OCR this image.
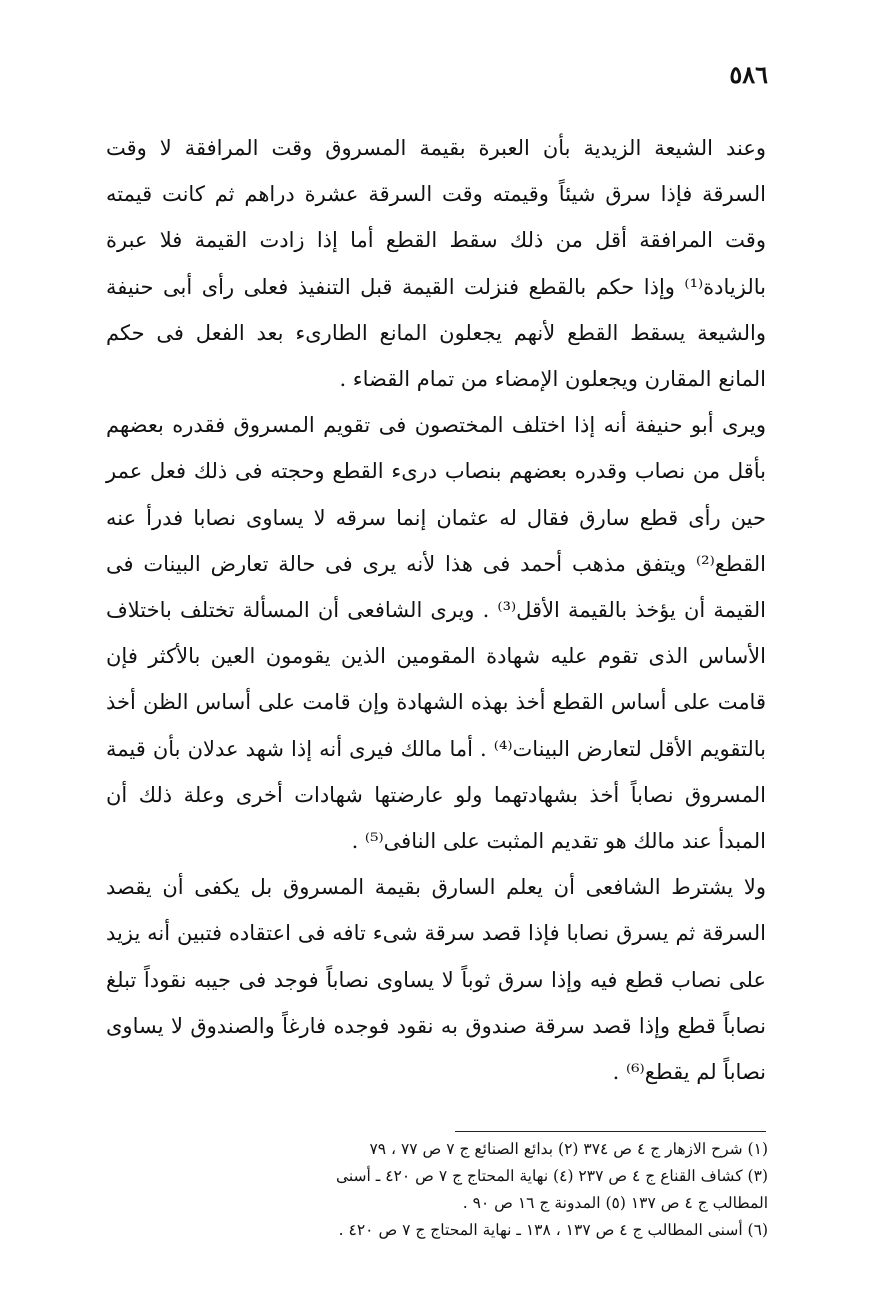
٥٨٦

وعند الشيعة الزيدية بأن العبرة بقيمة المسروق وقت المرافقة لا وقت السرقة فإذا سرق شيئاً وقيمته وقت السرقة عشرة دراهم ثم كانت قيمته وقت المرافقة أقل من ذلك سقط القطع أما إذا زادت القيمة فلا عبرة بالزيادة⁽¹⁾ وإذا حكم بالقطع فنزلت القيمة قبل التنفيذ فعلى رأى أبى حنيفة والشيعة يسقط القطع لأنهم يجعلون المانع الطارىء بعد الفعل فى حكم المانع المقارن ويجعلون الإمضاء من تمام القضاء .

ويرى أبو حنيفة أنه إذا اختلف المختصون فى تقويم المسروق فقدره بعضهم بأقل من نصاب وقدره بعضهم بنصاب درىء القطع وحجته فى ذلك فعل عمر حين رأى قطع سارق فقال له عثمان إنما سرقه لا يساوى نصابا فدرأ عنه القطع⁽²⁾ ويتفق مذهب أحمد فى هذا لأنه يرى فى حالة تعارض البينات فى القيمة أن يؤخذ بالقيمة الأقل⁽³⁾ . ويرى الشافعى أن المسألة تختلف باختلاف الأساس الذى تقوم عليه شهادة المقومين الذين يقومون العين بالأكثر فإن قامت على أساس القطع أخذ بهذه الشهادة وإن قامت على أساس الظن أخذ بالتقويم الأقل لتعارض البينات⁽⁴⁾ . أما مالك فيرى أنه إذا شهد عدلان بأن قيمة المسروق نصاباً أخذ بشهادتهما ولو عارضتها شهادات أخرى وعلة ذلك أن المبدأ عند مالك هو تقديم المثبت على النافى⁽⁵⁾ .

ولا يشترط الشافعى أن يعلم السارق بقيمة المسروق بل يكفى أن يقصد السرقة ثم يسرق نصابا فإذا قصد سرقة شىء تافه فى اعتقاده فتبين أنه يزيد على نصاب قطع فيه وإذا سرق ثوباً لا يساوى نصاباً فوجد فى جيبه نقوداً تبلغ نصاباً قطع وإذا قصد سرقة صندوق به نقود فوجده فارغاً والصندوق لا يساوى نصاباً لم يقطع⁽⁶⁾ .

(١) شرح الازهار ج ٤ ص ٣٧٤ (٢) بدائع الصنائع ج ٧ ص ٧٧ ، ٧٩
(٣) كشاف القناع ج ٤ ص ٢٣٧ (٤) نهاية المحتاج ج ٧ ص ٤٢٠ ـ أسنى
المطالب ج ٤ ص ١٣٧ (٥) المدونة ج ١٦ ص ٩٠ .
(٦) أسنى المطالب ج ٤ ص ١٣٧ ، ١٣٨ ـ نهاية المحتاج ج ٧ ص ٤٢٠ .
